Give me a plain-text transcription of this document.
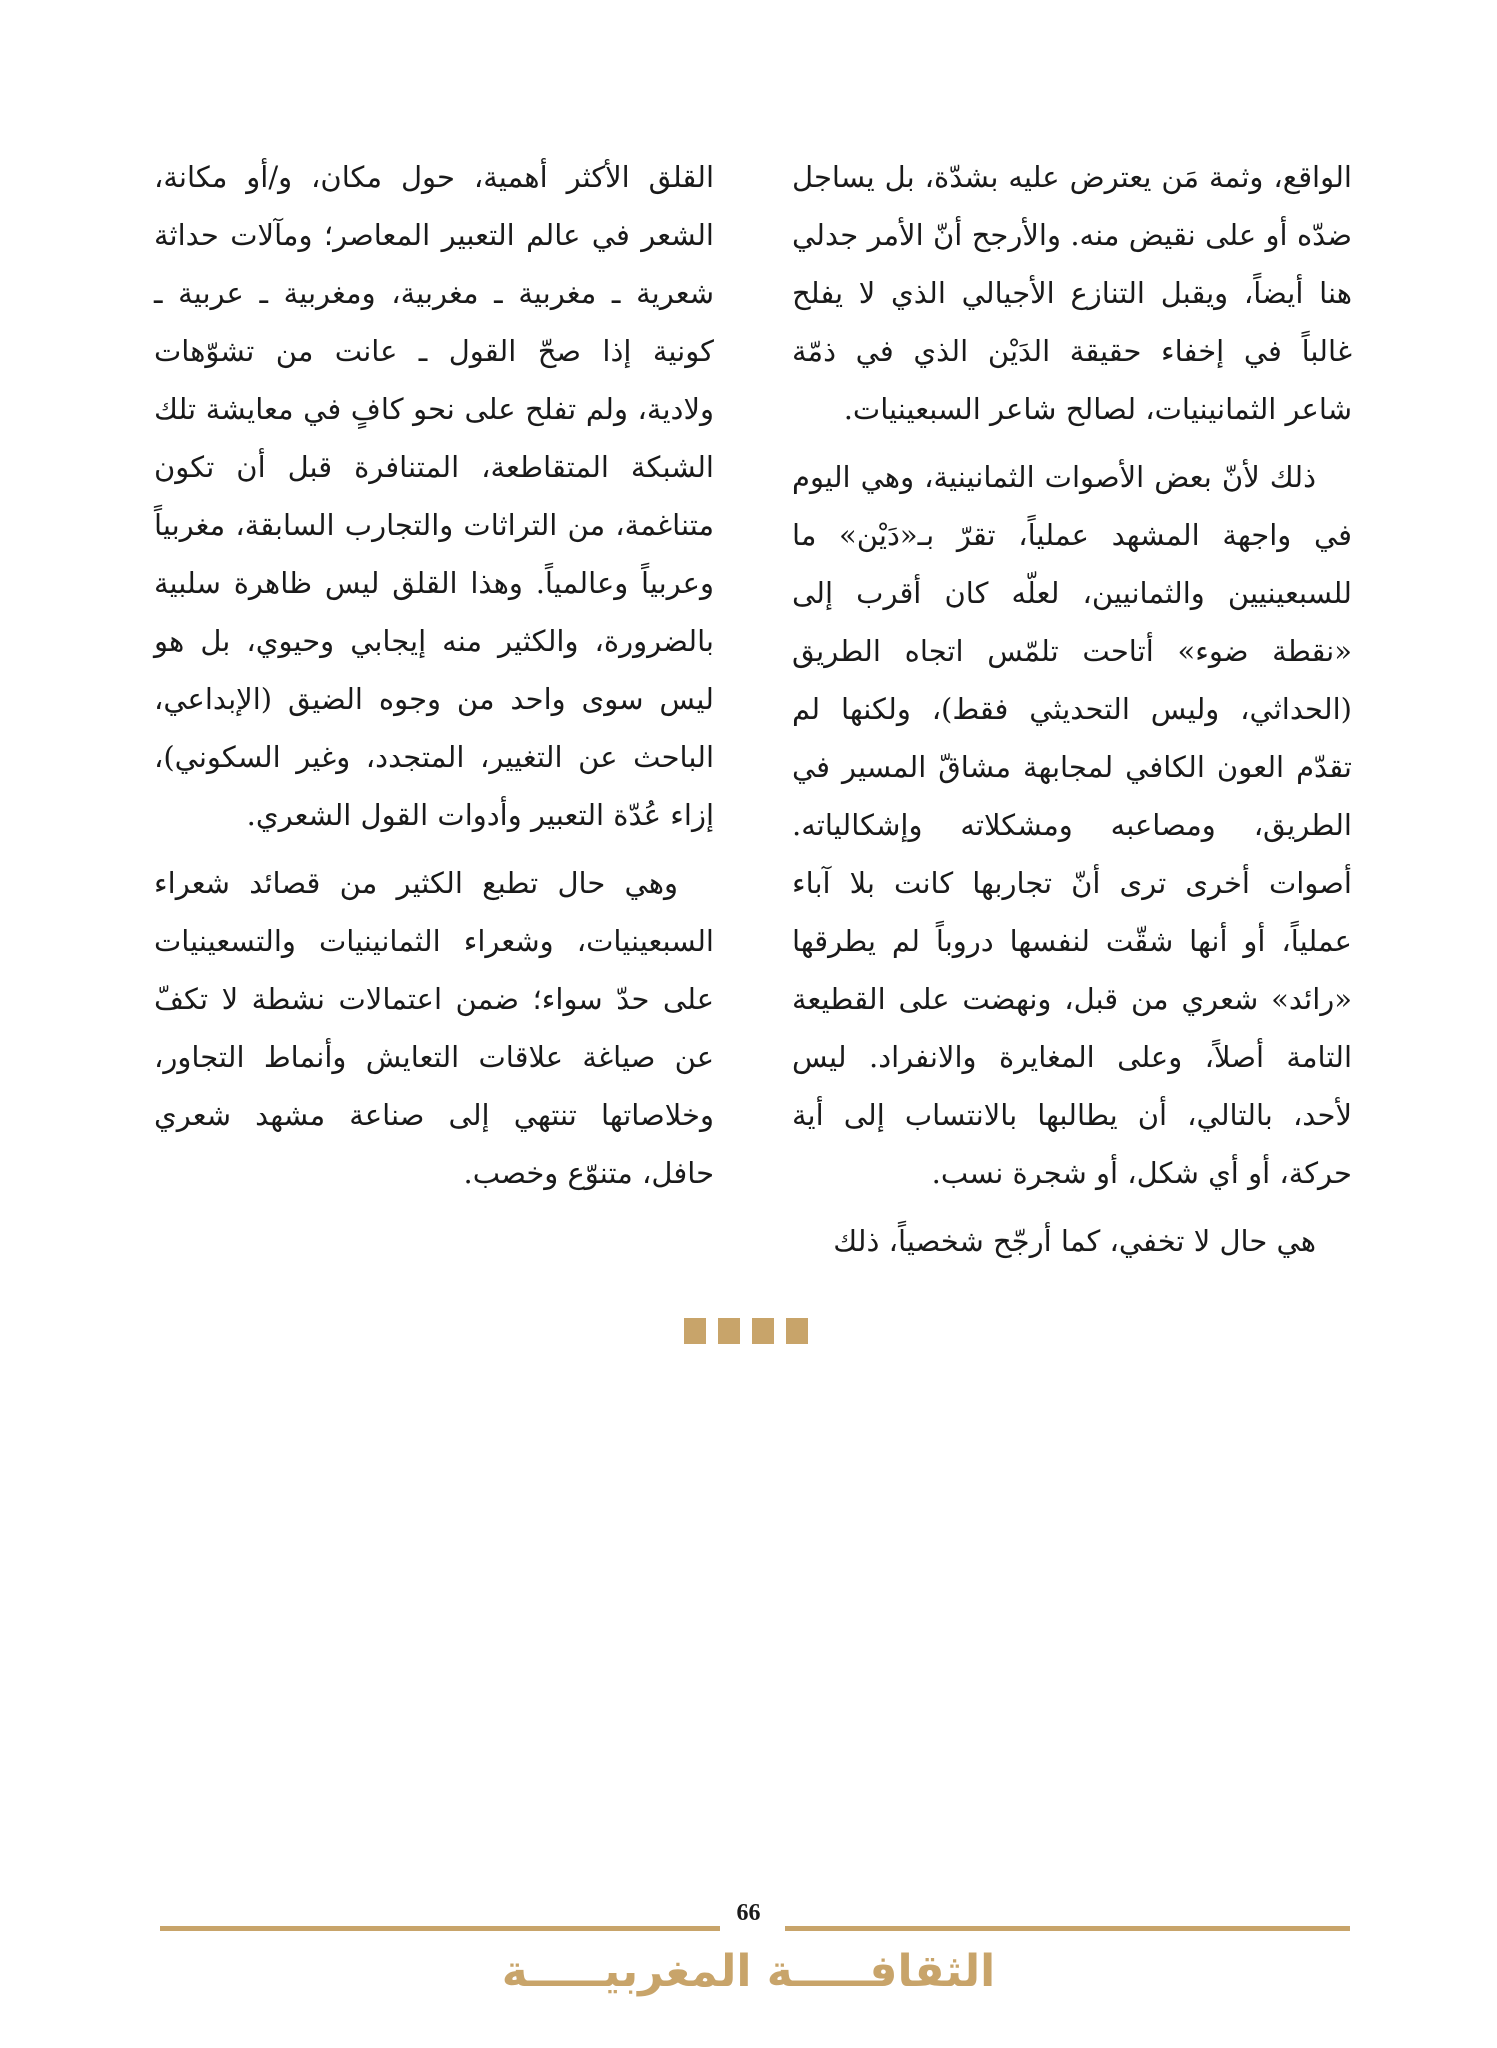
الواقع، وثمة مَن يعترض عليه بشدّة، بل يساجل ضدّه أو على نقيض منه. والأرجح أنّ الأمر جدلي هنا أيضاً، ويقبل التنازع الأجيالي الذي لا يفلح غالباً في إخفاء حقيقة الدَيْن الذي في ذمّة شاعر الثمانينيات، لصالح شاعر السبعينيات.

ذلك لأنّ بعض الأصوات الثمانينية، وهي اليوم في واجهة المشهد عملياً، تقرّ بـ«دَيْن» ما للسبعينيين والثمانيين، لعلّه كان أقرب إلى «نقطة ضوء» أتاحت تلمّس اتجاه الطريق (الحداثي، وليس التحديثي فقط)، ولكنها لم تقدّم العون الكافي لمجابهة مشاقّ المسير في الطريق، ومصاعبه ومشكلاته وإشكالياته. أصوات أخرى ترى أنّ تجاربها كانت بلا آباء عملياً، أو أنها شقّت لنفسها دروباً لم يطرقها «رائد» شعري من قبل، ونهضت على القطيعة التامة أصلاً، وعلى المغايرة والانفراد. ليس لأحد، بالتالي، أن يطالبها بالانتساب إلى أية حركة، أو أي شكل، أو شجرة نسب.

هي حال لا تخفي، كما أرجّح شخصياً، ذلك

القلق الأكثر أهمية، حول مكان، و/أو مكانة، الشعر في عالم التعبير المعاصر؛ ومآلات حداثة شعرية ـ مغربية ـ مغربية، ومغربية ـ عربية ـ كونية إذا صحّ القول ـ عانت من تشوّهات ولادية، ولم تفلح على نحو كافٍ في معايشة تلك الشبكة المتقاطعة، المتنافرة قبل أن تكون متناغمة، من التراثات والتجارب السابقة، مغربياً وعربياً وعالمياً. وهذا القلق ليس ظاهرة سلبية بالضرورة، والكثير منه إيجابي وحيوي، بل هو ليس سوى واحد من وجوه الضيق (الإبداعي، الباحث عن التغيير، المتجدد، وغير السكوني)، إزاء عُدّة التعبير وأدوات القول الشعري.

وهي حال تطبع الكثير من قصائد شعراء السبعينيات، وشعراء الثمانينيات والتسعينيات على حدّ سواء؛ ضمن اعتمالات نشطة لا تكفّ عن صياغة علاقات التعايش وأنماط التجاور، وخلاصاتها تنتهي إلى صناعة مشهد شعري حافل، متنوّع وخصب.

66
الثقافـــــة المغربيـــــة
